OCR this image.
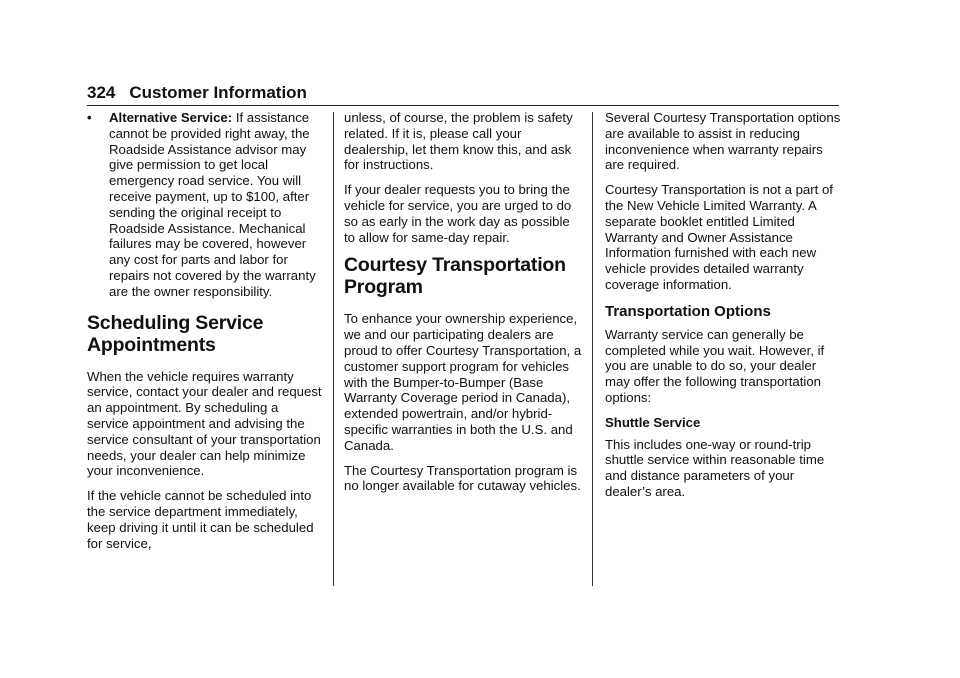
324 Customer Information
•	Alternative Service: If assistance cannot be provided right away, the Roadside Assistance advisor may give permission to get local emergency road service. You will receive payment, up to $100, after sending the original receipt to Roadside Assistance. Mechanical failures may be covered, however any cost for parts and labor for repairs not covered by the warranty are the owner responsibility.
Scheduling Service Appointments

When the vehicle requires warranty service, contact your dealer and request an appointment. By scheduling a service appointment and advising the service consultant of your transportation needs, your dealer can help minimize your inconvenience.

If the vehicle cannot be scheduled into the service department immediately, keep driving it until it can be scheduled for service,

unless, of course, the problem is safety related. If it is, please call your dealership, let them know this, and ask for instructions.

If your dealer requests you to bring the vehicle for service, you are urged to do so as early in the work day as possible to allow for same-day repair.

Courtesy Transportation Program

To enhance your ownership experience, we and our participating dealers are proud to offer Courtesy Transportation, a customer support program for vehicles with the Bumper-to-Bumper (Base Warranty Coverage period in Canada), extended powertrain, and/or hybrid-specific warranties in both the U.S. and Canada.

The Courtesy Transportation program is no longer available for cutaway vehicles.

Several Courtesy Transportation options are available to assist in reducing inconvenience when warranty repairs are required.

Courtesy Transportation is not a part of the New Vehicle Limited Warranty. A separate booklet entitled Limited Warranty and Owner Assistance Information furnished with each new vehicle provides detailed warranty coverage information.

Transportation Options

Warranty service can generally be completed while you wait. However, if you are unable to do so, your dealer may offer the following transportation options:

Shuttle Service

This includes one-way or round-trip shuttle service within reasonable time and distance parameters of your dealer’s area.
